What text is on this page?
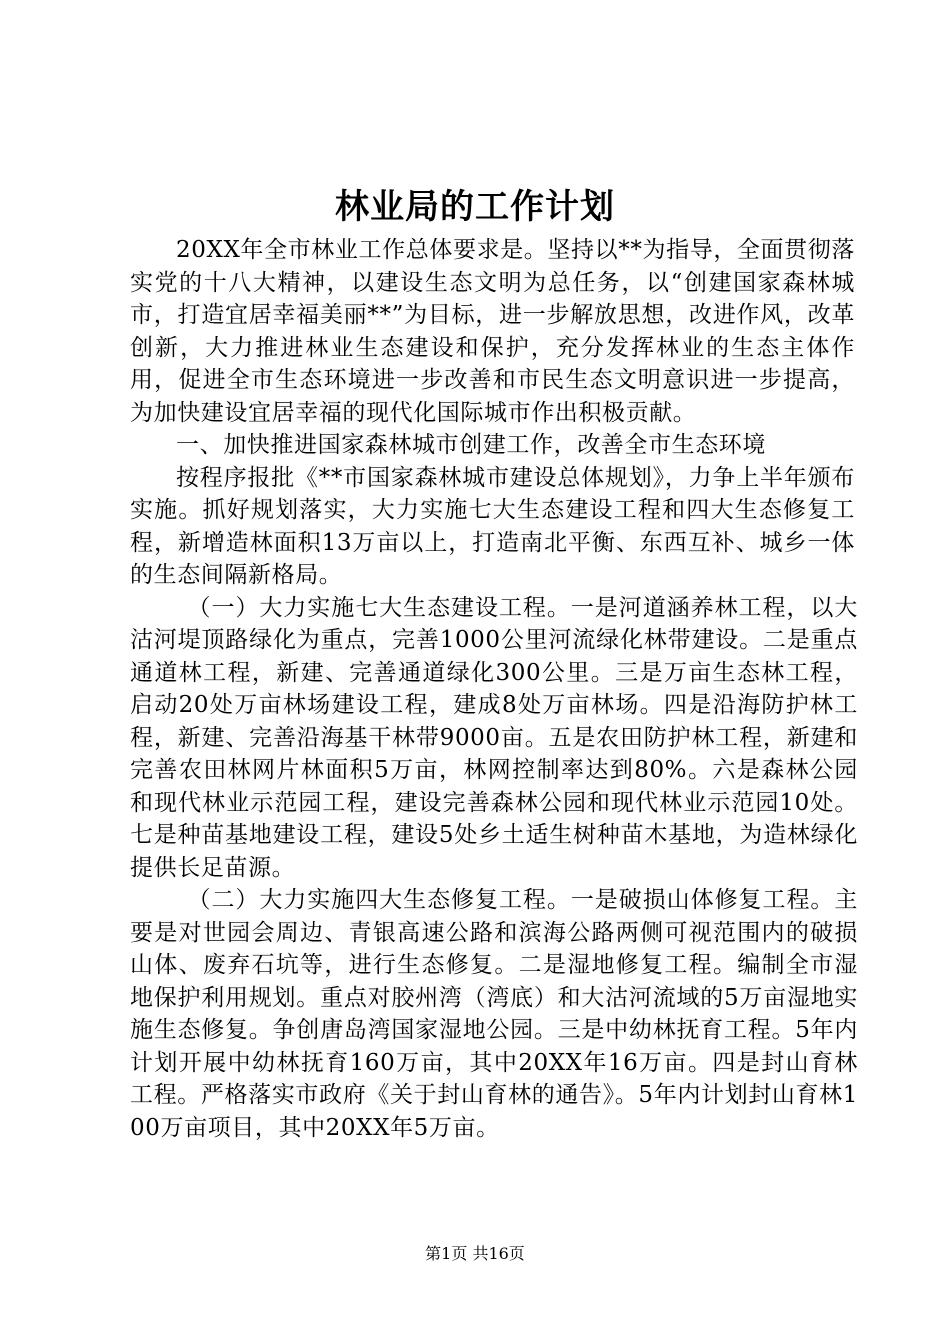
林业局的工作计划

20XX年全市林业工作总体要求是。坚持以**为指导，全面贯彻落实党的十八大精神，以建设生态文明为总任务，以“创建国家森林城市，打造宜居幸福美丽**”为目标，进一步解放思想，改进作风，改革创新，大力推进林业生态建设和保护，充分发挥林业的生态主体作用，促进全市生态环境进一步改善和市民生态文明意识进一步提高，为加快建设宜居幸福的现代化国际城市作出积极贡献。

一、加快推进国家森林城市创建工作，改善全市生态环境

按程序报批《**市国家森林城市建设总体规划》，力争上半年颁布实施。抓好规划落实，大力实施七大生态建设工程和四大生态修复工程，新增造林面积13万亩以上，打造南北平衡、东西互补、城乡一体的生态间隔新格局。

（一）大力实施七大生态建设工程。一是河道涵养林工程，以大沽河堤顶路绿化为重点，完善1000公里河流绿化林带建设。二是重点通道林工程，新建、完善通道绿化300公里。三是万亩生态林工程，启动20处万亩林场建设工程，建成8处万亩林场。四是沿海防护林工程，新建、完善沿海基干林带9000亩。五是农田防护林工程，新建和完善农田林网片林面积5万亩，林网控制率达到80%。六是森林公园和现代林业示范园工程，建设完善森林公园和现代林业示范园10处。七是种苗基地建设工程，建设5处乡土适生树种苗木基地，为造林绿化提供长足苗源。

（二）大力实施四大生态修复工程。一是破损山体修复工程。主要是对世园会周边、青银高速公路和滨海公路两侧可视范围内的破损山体、废弃石坑等，进行生态修复。二是湿地修复工程。编制全市湿地保护利用规划。重点对胶州湾（湾底）和大沽河流域的5万亩湿地实施生态修复。争创唐岛湾国家湿地公园。三是中幼林抚育工程。5年内计划开展中幼林抚育160万亩，其中20XX年16万亩。四是封山育林工程。严格落实市政府《关于封山育林的通告》。5年内计划封山育林100万亩项目，其中20XX年5万亩。

第1页 共16页
